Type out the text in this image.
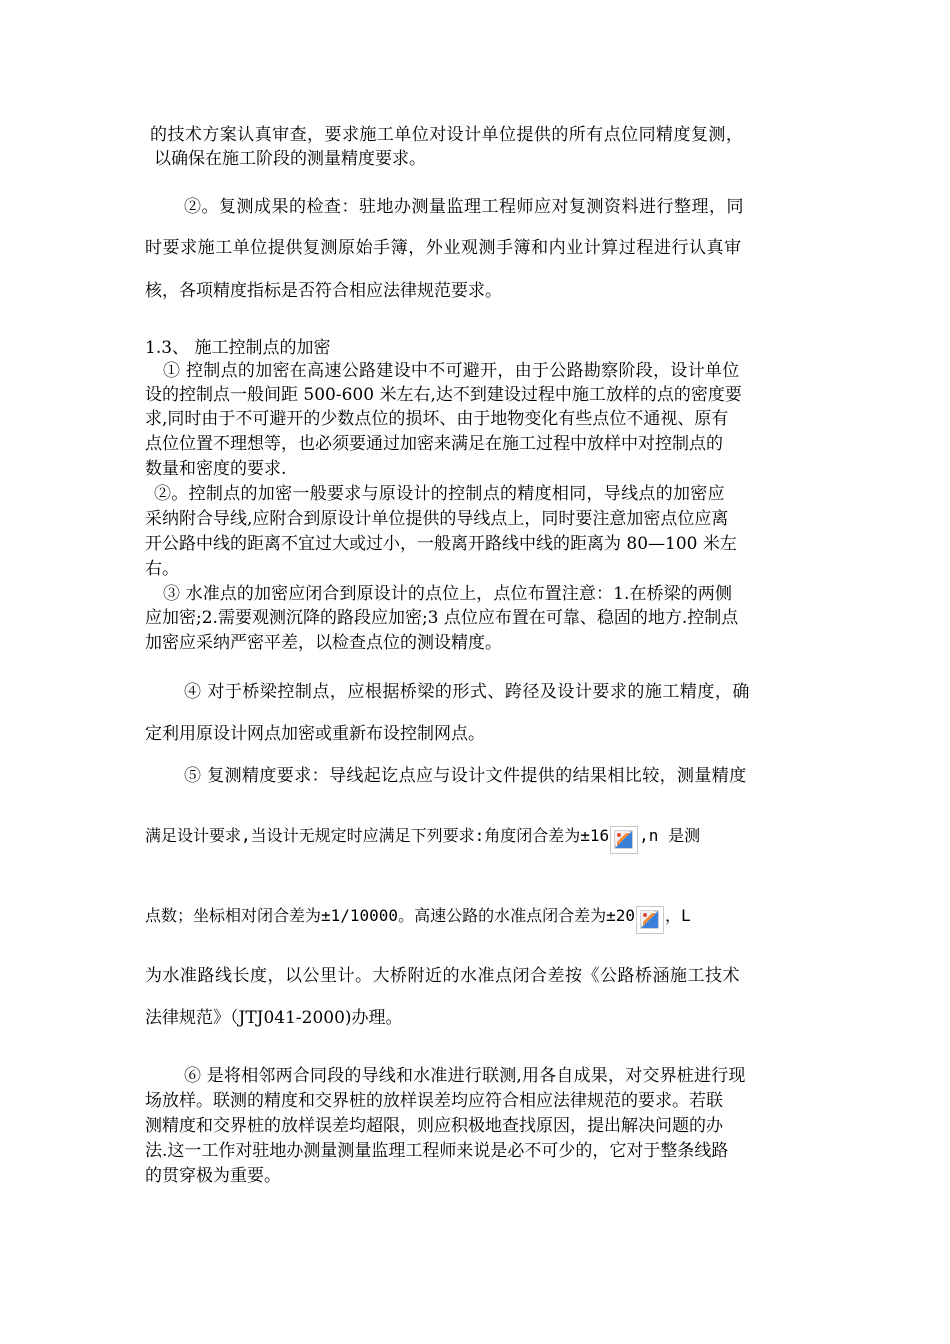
的技术方案认真审查，要求施工单位对设计单位提供的所有点位同精度复测，

以确保在施工阶段的测量精度要求。

②。复测成果的检查：驻地办测量监理工程师应对复测资料进行整理，同

时要求施工单位提供复测原始手簿，外业观测手簿和内业计算过程进行认真审

核，各项精度指标是否符合相应法律规范要求。

1.3、 施工控制点的加密

① 控制点的加密在高速公路建设中不可避开，由于公路勘察阶段，设计单位

设的控制点一般间距 500-600 米左右,达不到建设过程中施工放样的点的密度要

求,同时由于不可避开的少数点位的损坏、由于地物变化有些点位不通视、原有

点位位置不理想等，也必须要通过加密来满足在施工过程中放样中对控制点的

数量和密度的要求.

②。控制点的加密一般要求与原设计的控制点的精度相同，导线点的加密应

采纳附合导线,应附合到原设计单位提供的导线点上，同时要注意加密点位应离

开公路中线的距离不宜过大或过小，一般离开路线中线的距离为 80—100 米左

右。

③ 水准点的加密应闭合到原设计的点位上，点位布置注意：1.在桥梁的两侧

应加密;2.需要观测沉降的路段应加密;3 点位应布置在可靠、稳固的地方.控制点

加密应采纳严密平差，以检查点位的测设精度。

④ 对于桥梁控制点，应根据桥梁的形式、跨径及设计要求的施工精度，确

定利用原设计网点加密或重新布设控制网点。

⑤ 复测精度要求：导线起讫点应与设计文件提供的结果相比较，测量精度

满足设计要求,当设计无规定时应满足下列要求:角度闭合差为±16 ,n 是测

点数；坐标相对闭合差为±1/10000。高速公路的水准点闭合差为±20 ，L

为水准路线长度，以公里计。大桥附近的水准点闭合差按《公路桥涵施工技术

法律规范》（JTJ041-2000)办理。

⑥ 是将相邻两合同段的导线和水准进行联测,用各自成果，对交界桩进行现

场放样。联测的精度和交界桩的放样误差均应符合相应法律规范的要求。若联

测精度和交界桩的放样误差均超限，则应积极地查找原因，提出解决问题的办

法.这一工作对驻地办测量测量监理工程师来说是必不可少的，它对于整条线路

的贯穿极为重要。
